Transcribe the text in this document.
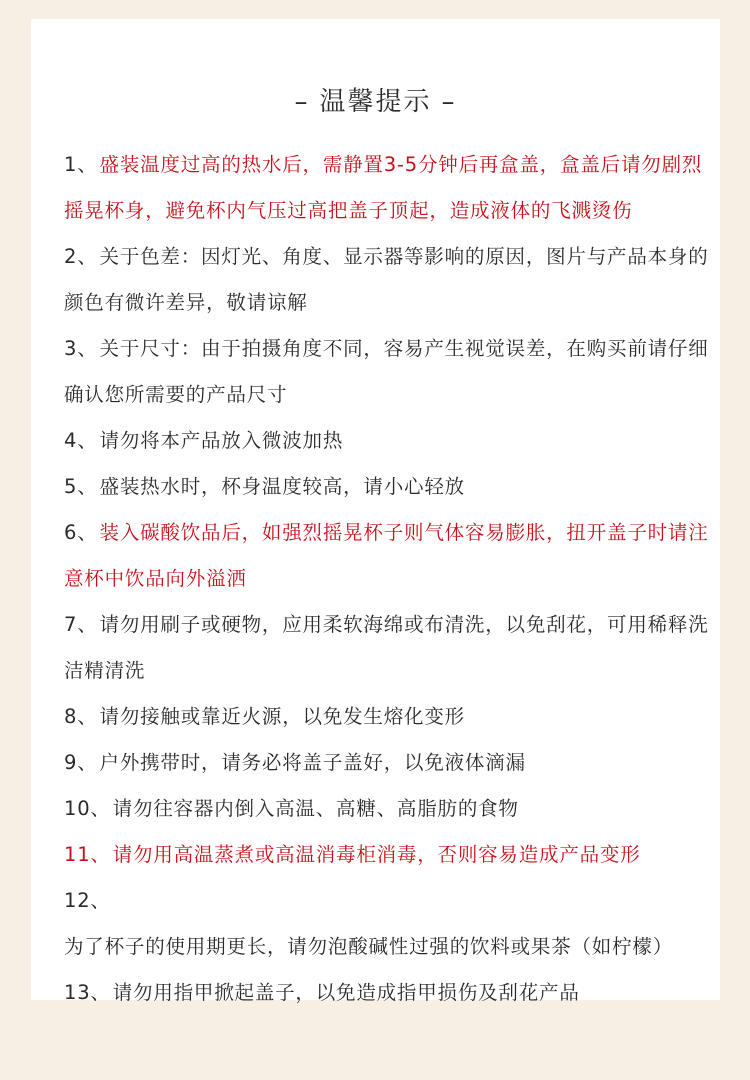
– 温馨提示 –
1、 盛装温度过高的热水后，需静置3-5分钟后再盒盖，盒盖后请勿剧烈摇晃杯身，避免杯内气压过高把盖子顶起，造成液体的飞溅烫伤
2、 关于色差：因灯光、角度、显示器等影响的原因，图片与产品本身的颜色有微许差异，敬请谅解
3、 关于尺寸：由于拍摄角度不同，容易产生视觉误差，在购买前请仔细确认您所需要的产品尺寸
4、 请勿将本产品放入微波加热
5、 盛装热水时，杯身温度较高，请小心轻放
6、 装入碳酸饮品后，如强烈摇晃杯子则气体容易膨胀，扭开盖子时请注意杯中饮品向外溢洒
7、 请勿用刷子或硬物，应用柔软海绵或布清洗，以免刮花，可用稀释洗洁精清洗
8、 请勿接触或靠近火源，以免发生熔化变形
9、 户外携带时，请务必将盖子盖好，以免液体滴漏
10、 请勿往容器内倒入高温、高糖、高脂肪的食物
11、 请勿用高温蒸煮或高温消毒柜消毒，否则容易造成产品变形
12、为了杯子的使用期更长，请勿泡酸碱性过强的饮料或果茶（如柠檬）
13、 请勿用指甲掀起盖子，以免造成指甲损伤及刮花产品
